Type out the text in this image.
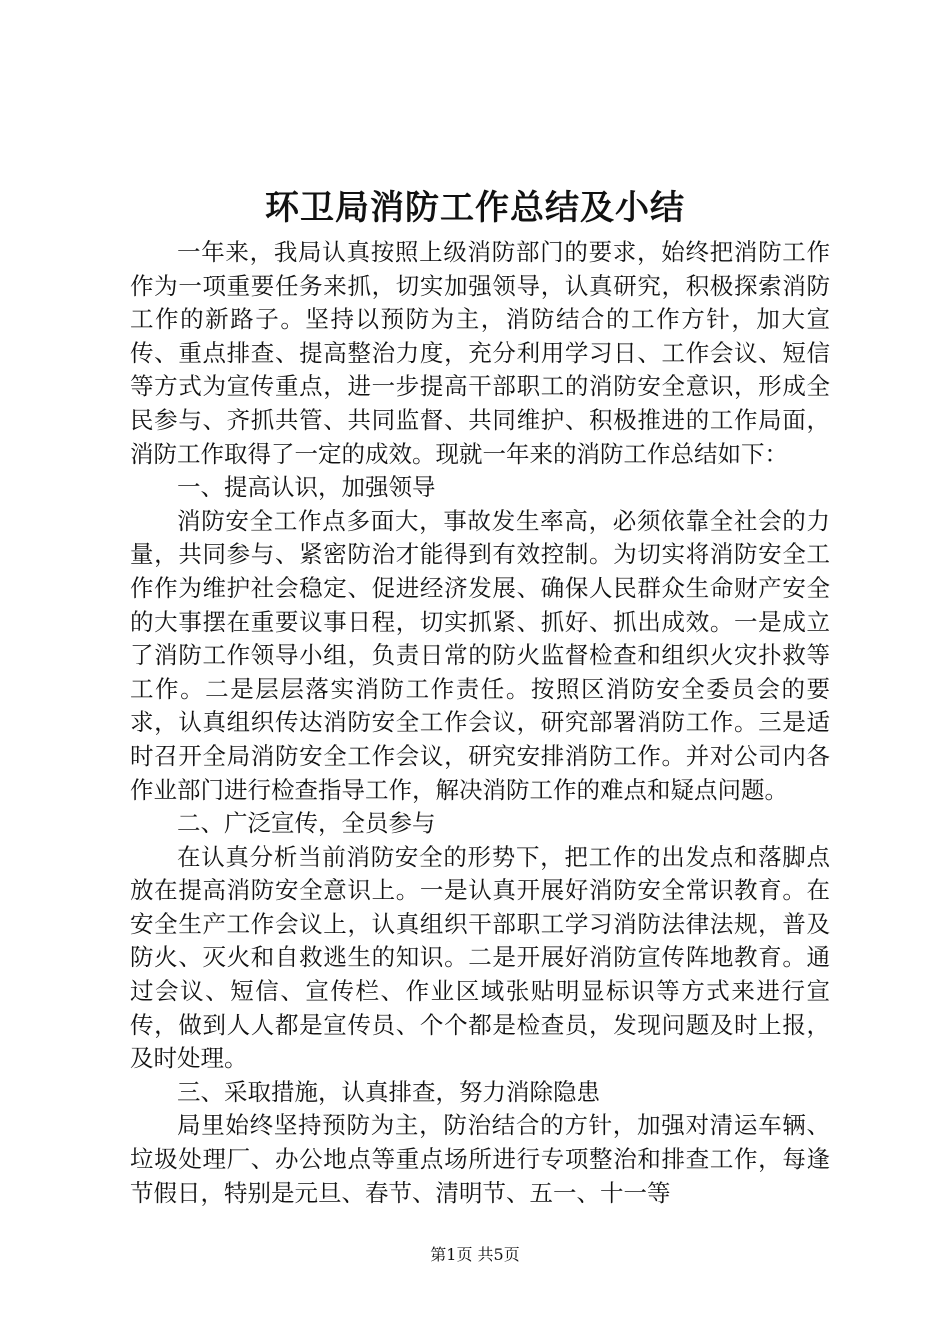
环卫局消防工作总结及小结

一年来，我局认真按照上级消防部门的要求，始终把消防工作作为一项重要任务来抓，切实加强领导，认真研究，积极探索消防工作的新路子。坚持以预防为主，消防结合的工作方针，加大宣传、重点排查、提高整治力度，充分利用学习日、工作会议、短信等方式为宣传重点，进一步提高干部职工的消防安全意识，形成全民参与、齐抓共管、共同监督、共同维护、积极推进的工作局面，消防工作取得了一定的成效。现就一年来的消防工作总结如下：

一、提高认识，加强领导

消防安全工作点多面大，事故发生率高，必须依靠全社会的力量，共同参与、紧密防治才能得到有效控制。为切实将消防安全工作作为维护社会稳定、促进经济发展、确保人民群众生命财产安全的大事摆在重要议事日程，切实抓紧、抓好、抓出成效。一是成立了消防工作领导小组，负责日常的防火监督检查和组织火灾扑救等工作。二是层层落实消防工作责任。按照区消防安全委员会的要求，认真组织传达消防安全工作会议，研究部署消防工作。三是适时召开全局消防安全工作会议，研究安排消防工作。并对公司内各作业部门进行检查指导工作，解决消防工作的难点和疑点问题。

二、广泛宣传，全员参与

在认真分析当前消防安全的形势下，把工作的出发点和落脚点放在提高消防安全意识上。一是认真开展好消防安全常识教育。在安全生产工作会议上，认真组织干部职工学习消防法律法规，普及防火、灭火和自救逃生的知识。二是开展好消防宣传阵地教育。通过会议、短信、宣传栏、作业区域张贴明显标识等方式来进行宣传，做到人人都是宣传员、个个都是检查员，发现问题及时上报，及时处理。

三、采取措施，认真排查，努力消除隐患

局里始终坚持预防为主，防治结合的方针，加强对清运车辆、垃圾处理厂、办公地点等重点场所进行专项整治和排查工作，每逢节假日，特别是元旦、春节、清明节、五一、十一等

第1页 共5页
